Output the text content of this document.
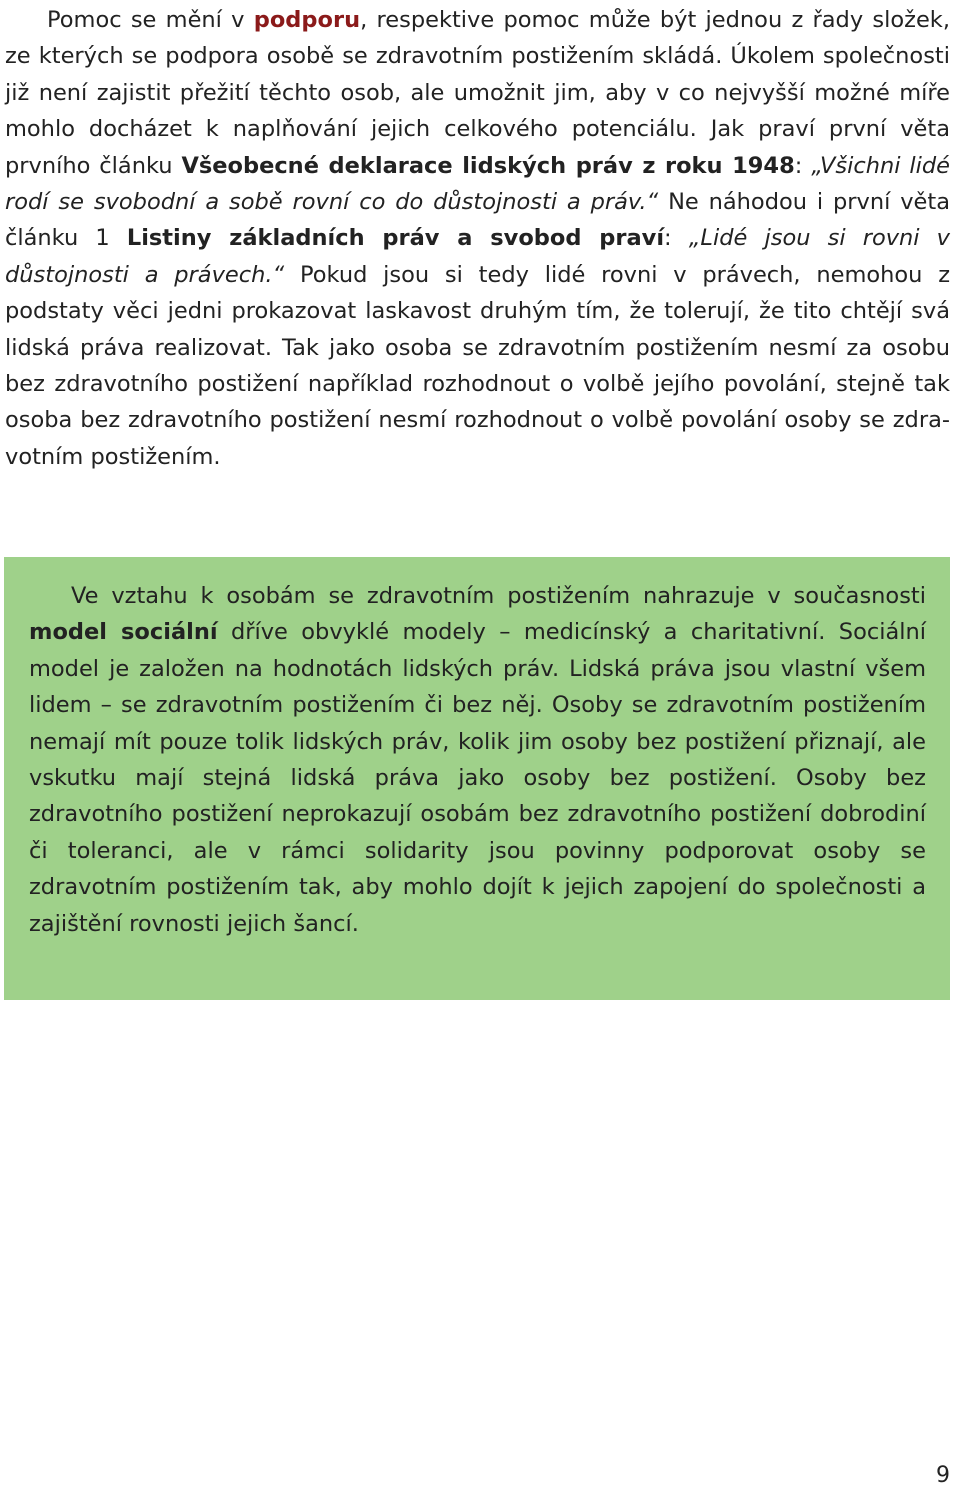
Pomoc se mění v podporu, respektive pomoc může být jednou z řady složek, ze kterých se podpora osobě se zdravotním postižením skládá. Úkolem společnosti již není zajistit přežití těchto osob, ale umožnit jim, aby v co nejvyšší možné míře mohlo docházet k naplňování jejich celkového potenciálu. Jak praví první věta prvního článku Všeobecné deklarace lidských práv z roku 1948: „Všichni lidé rodí se svobodní a sobě rovní co do důstojnosti a práv.“ Ne náhodou i první věta článku 1 Listiny základních práv a svobod praví: „Lidé jsou si rovni v důstojnosti a právech.“ Pokud jsou si tedy lidé rovni v právech, nemohou z podstaty věci jedni prokazovat laskavost druhým tím, že tolerují, že tito chtějí svá lidská práva realizovat. Tak jako osoba se zdravotním postižením nesmí za osobu bez zdravotního postižení například rozhodnout o volbě jejího povolání, stejně tak osoba bez zdravotního postižení nesmí rozhodnout o volbě povolání osoby se zdravotním postižením.

Ve vztahu k osobám se zdravotním postižením nahrazuje v současnosti model sociální dříve obvyklé modely – medicínský a charitativní. Sociální model je založen na hodnotách lidských práv. Lidská práva jsou vlastní všem lidem – se zdravotním postižením či bez něj. Osoby se zdravotním postižením nemají mít pouze tolik lidských práv, kolik jim osoby bez postižení přiznají, ale vskutku mají stejná lidská práva jako osoby bez postižení. Osoby bez zdravotního postižení neprokazují osobám bez zdravotního postižení dobrodiní či toleranci, ale v rámci solidarity jsou povinny podporovat osoby se zdravotním postižením tak, aby mohlo dojít k jejich zapojení do společnosti a zajištění rovnosti jejich šancí.

9
